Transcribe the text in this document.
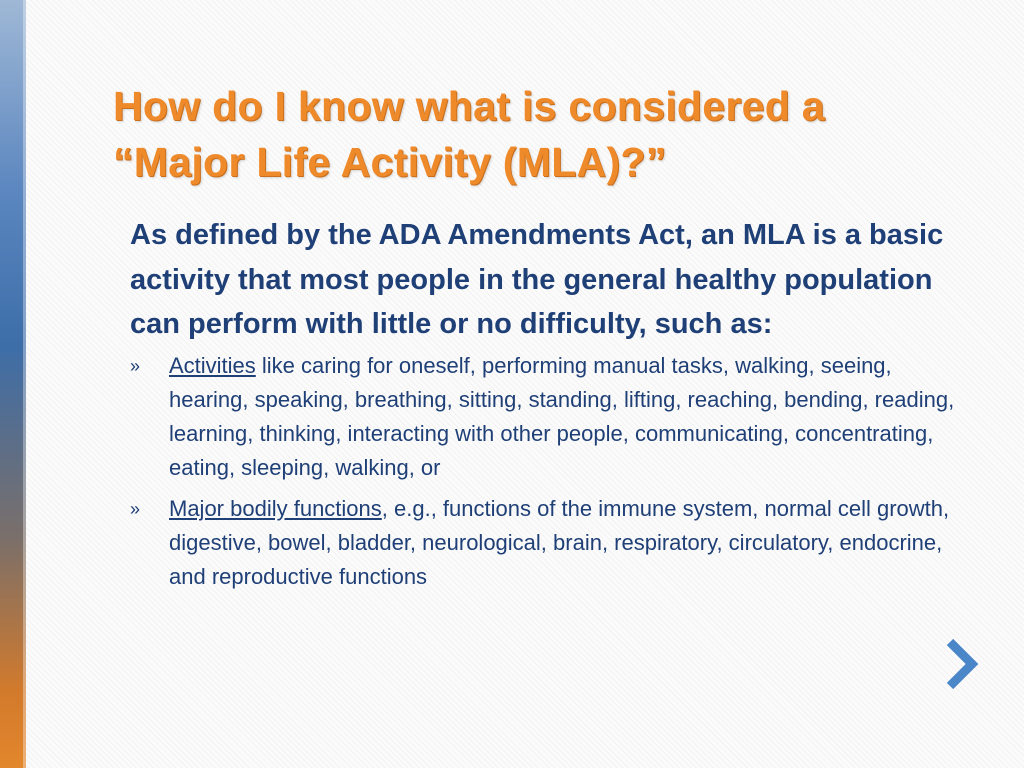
How do I know what is considered a
“Major Life Activity (MLA)?”

As defined by the ADA Amendments Act, an MLA is a basic activity that most people in the general healthy population can perform with little or no difficulty, such as:

» Activities like caring for oneself, performing manual tasks, walking, seeing, hearing, speaking, breathing, sitting, standing, lifting, reaching, bending, reading, learning, thinking, interacting with other people, communicating, concentrating, eating, sleeping, walking, or
» Major bodily functions, e.g., functions of the immune system, normal cell growth, digestive, bowel, bladder, neurological, brain, respiratory, circulatory, endocrine, and reproductive functions
